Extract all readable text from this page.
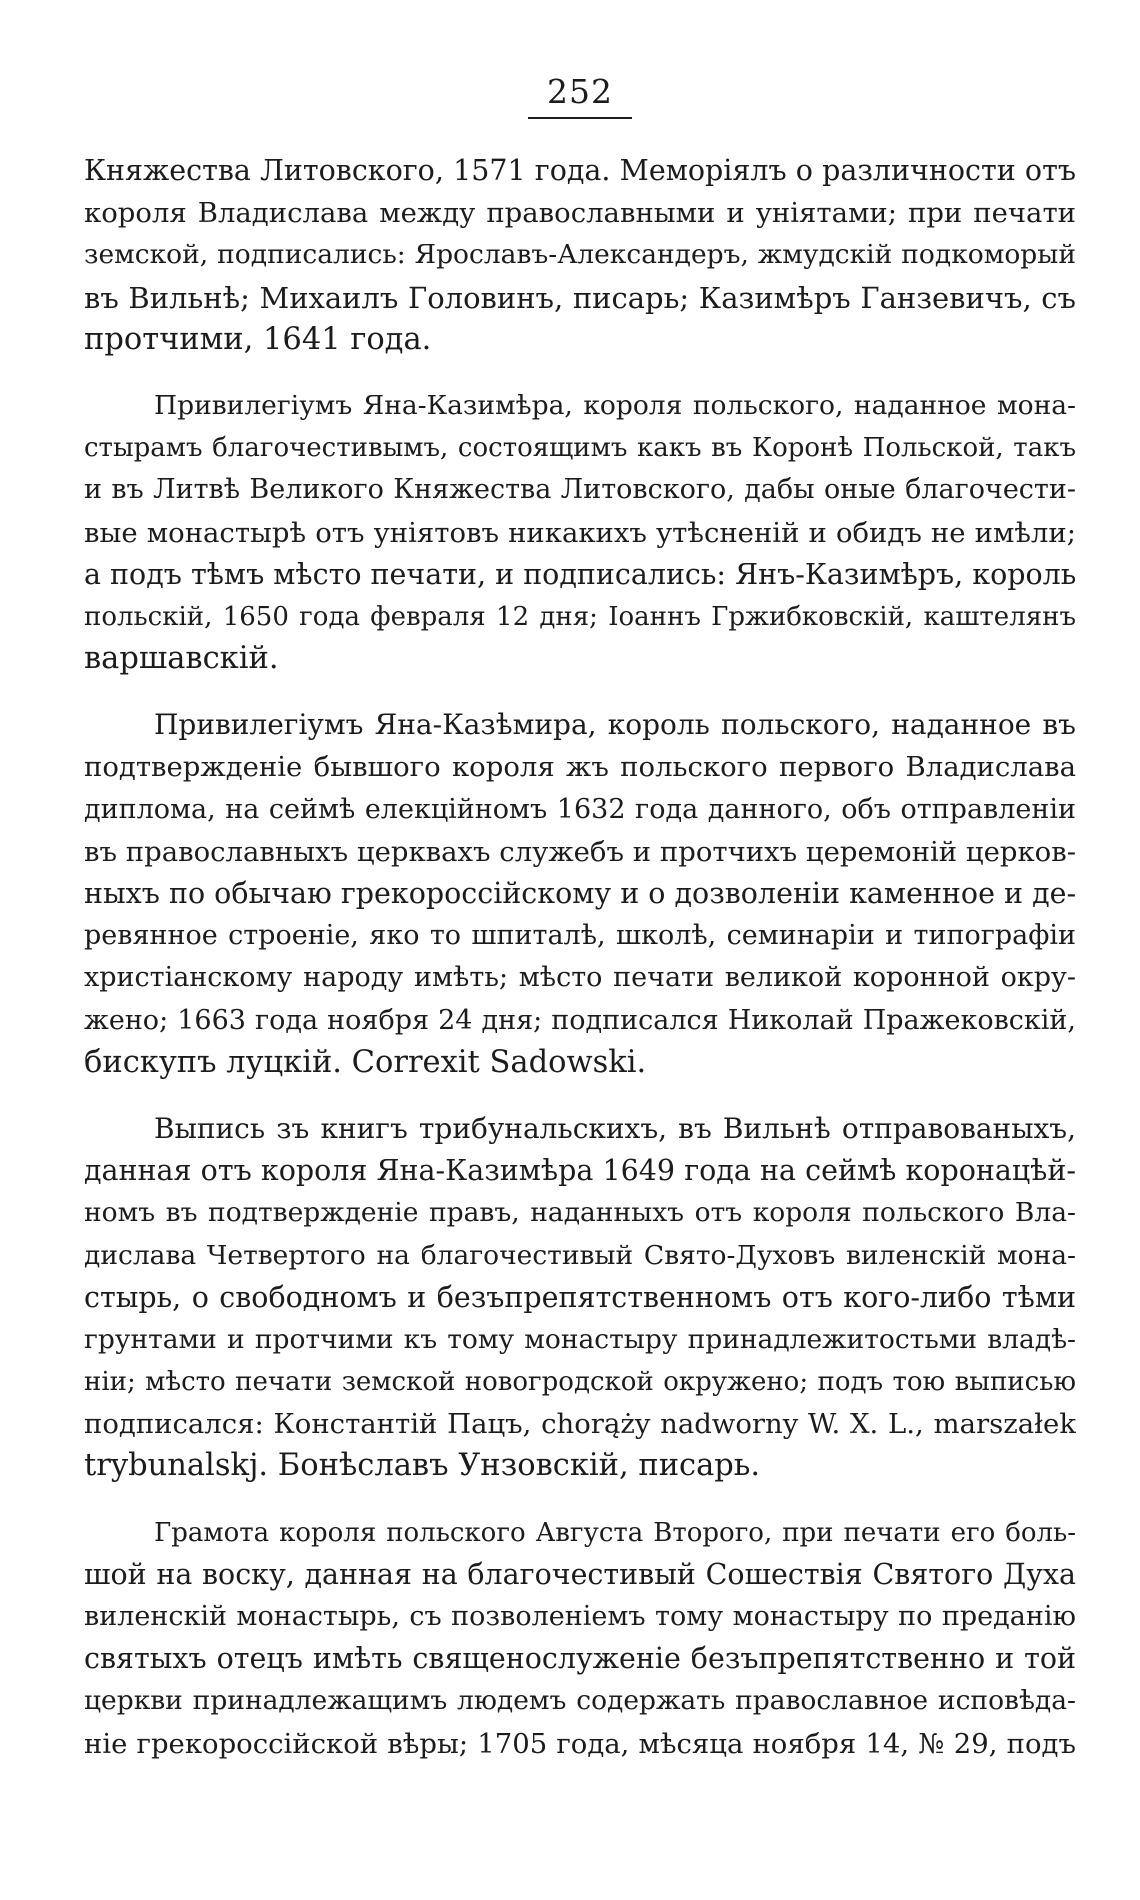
252
Княжества Литовского, 1571 года. Меморіялъ о различности отъ
короля Владислава между православными и уніятами; при печати
земской, подписались: Ярославъ-Александеръ, жмудскій подкоморый
въ Вильнѣ; Михаилъ Головинъ, писарь; Казимѣръ Ганзевичъ, съ
протчими, 1641 года.
Привилегіумъ Яна-Казимѣра, короля польского, наданное мона-
стырамъ благочестивымъ, состоящимъ какъ въ Коронѣ Польской, такъ
и въ Литвѣ Великого Княжества Литовского, дабы оные благочести-
вые монастырѣ отъ уніятовъ никакихъ утѣсненій и обидъ не имѣли;
а подъ тѣмъ мѣсто печати, и подписались: Янъ-Казимѣръ, король
польскій, 1650 года февраля 12 дня; Іоаннъ Гржибковскій, каштелянъ
варшавскій.
Привилегіумъ Яна-Казѣмира, король польского, наданное въ
подтвержденіе бывшого короля жъ польского первого Владислава
диплома, на сеймѣ елекцiйномъ 1632 года данного, объ отправленіи
въ православныхъ церквахъ служебъ и протчихъ церемоній церков-
ныхъ по обычаю грекороссійскому и о дозволеніи каменное и де-
ревянное строеніе, яко то шпиталѣ, школѣ, семинаріи и типографіи
христіанскому народу имѣть; мѣсто печати великой коронной окру-
жено; 1663 года ноября 24 дня; подписался Николай Пражековскій,
бискупъ луцкій. Correxit Sadowski.
Выпись зъ книгъ трибунальскихъ, въ Вильнѣ отправованыхъ,
данная отъ короля Яна-Казимѣра 1649 года на сеймѣ коронацѣй-
номъ въ подтвержденіе правъ, наданныхъ отъ короля польского Вла-
дислава Четвертого на благочестивый Свято-Духовъ виленскій мона-
стырь, о свободномъ и безъпрепятственномъ отъ кого-либо тѣми
грунтами и протчими къ тому монастыру принадлежитостьми владѣ-
ніи; мѣсто печати земской новогродской окружено; подъ тою выписью
подписался: Константій Пацъ, chorąży nadworny W. X. L., marszałek
trybunalskj. Бонѣславъ Унзовскій, писарь.
Грамота короля польского Августа Второго, при печати его боль-
шой на воску, данная на благочестивый Сошествія Святого Духа
виленскій монастырь, съ позволеніемъ тому монастыру по преданію
святыхъ отецъ имѣть священослуженіе безъпрепятственно и той
церкви принадлежащимъ людемъ содержать православное исповѣда-
ніе грекороссійской вѣры; 1705 года, мѣсяца ноября 14, № 29, подъ
